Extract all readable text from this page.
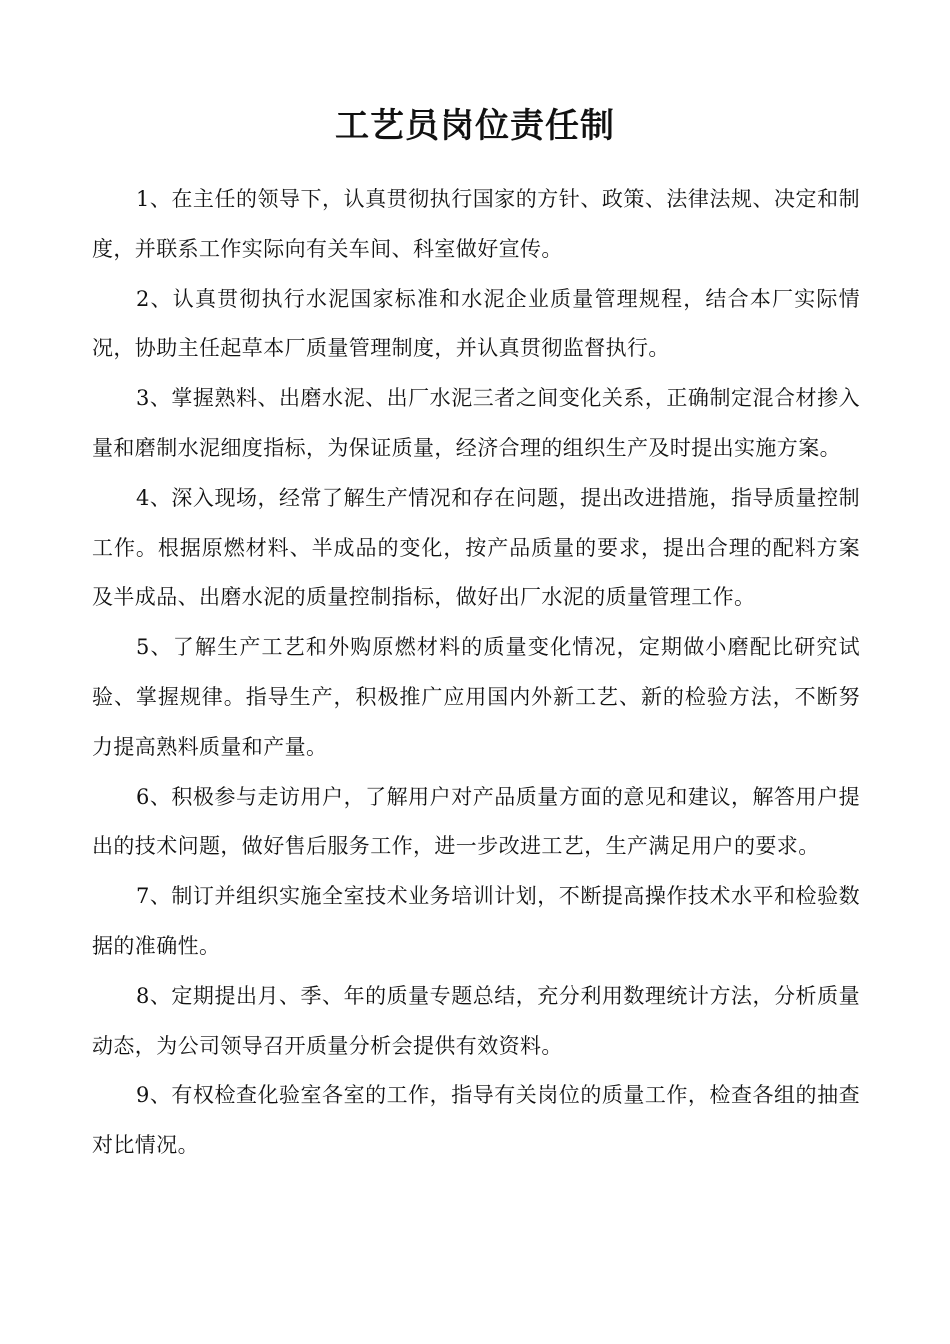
工艺员岗位责任制

1、在主任的领导下，认真贯彻执行国家的方针、政策、法律法规、决定和制度，并联系工作实际向有关车间、科室做好宣传。

2、认真贯彻执行水泥国家标准和水泥企业质量管理规程，结合本厂实际情况，协助主任起草本厂质量管理制度，并认真贯彻监督执行。

3、掌握熟料、出磨水泥、出厂水泥三者之间变化关系，正确制定混合材掺入量和磨制水泥细度指标，为保证质量，经济合理的组织生产及时提出实施方案。

4、深入现场，经常了解生产情况和存在问题，提出改进措施，指导质量控制工作。根据原燃材料、半成品的变化，按产品质量的要求，提出合理的配料方案及半成品、出磨水泥的质量控制指标，做好出厂水泥的质量管理工作。

5、了解生产工艺和外购原燃材料的质量变化情况，定期做小磨配比研究试验、掌握规律。指导生产，积极推广应用国内外新工艺、新的检验方法，不断努力提高熟料质量和产量。

6、积极参与走访用户，了解用户对产品质量方面的意见和建议，解答用户提出的技术问题，做好售后服务工作，进一步改进工艺，生产满足用户的要求。

7、制订并组织实施全室技术业务培训计划，不断提高操作技术水平和检验数据的准确性。

8、定期提出月、季、年的质量专题总结，充分利用数理统计方法，分析质量动态，为公司领导召开质量分析会提供有效资料。

9、有权检查化验室各室的工作，指导有关岗位的质量工作，检查各组的抽查对比情况。
